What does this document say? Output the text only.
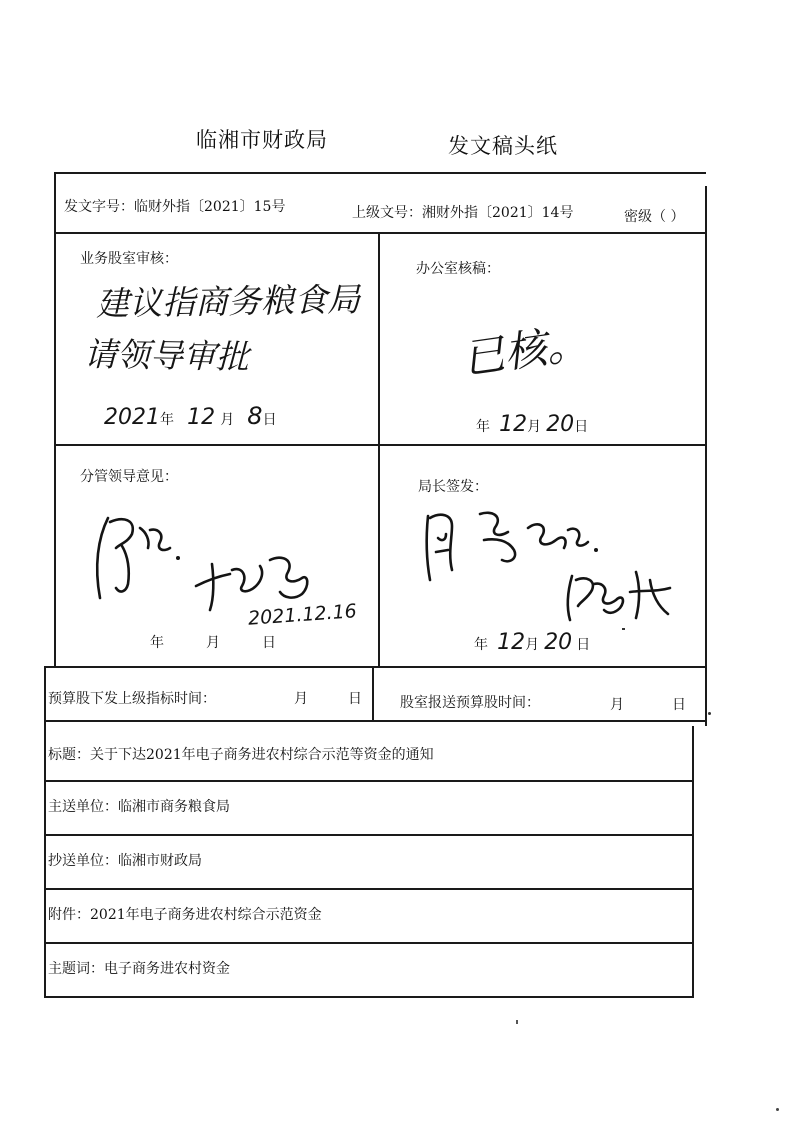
临湘市财政局	发文稿头纸
发文字号：临财外指〔2021〕15号	上级文号：湘财外指〔2021〕14号	密级（ ）
业务股室审核：
建议指商务粮食局
请领导审批
2021年 12 月 8日
办公室核稿：
已核。
年 12月 20日
分管领导意见：
2021.12.16
年	月	日
局长签发：
年 12月 20 日
预算股下发上级指标时间：	月	日	股室报送预算股时间：	月	日
标题：关于下达2021年电子商务进农村综合示范等资金的通知
主送单位：临湘市商务粮食局
抄送单位：临湘市财政局
附件：2021年电子商务进农村综合示范资金
主题词：电子商务进农村资金
